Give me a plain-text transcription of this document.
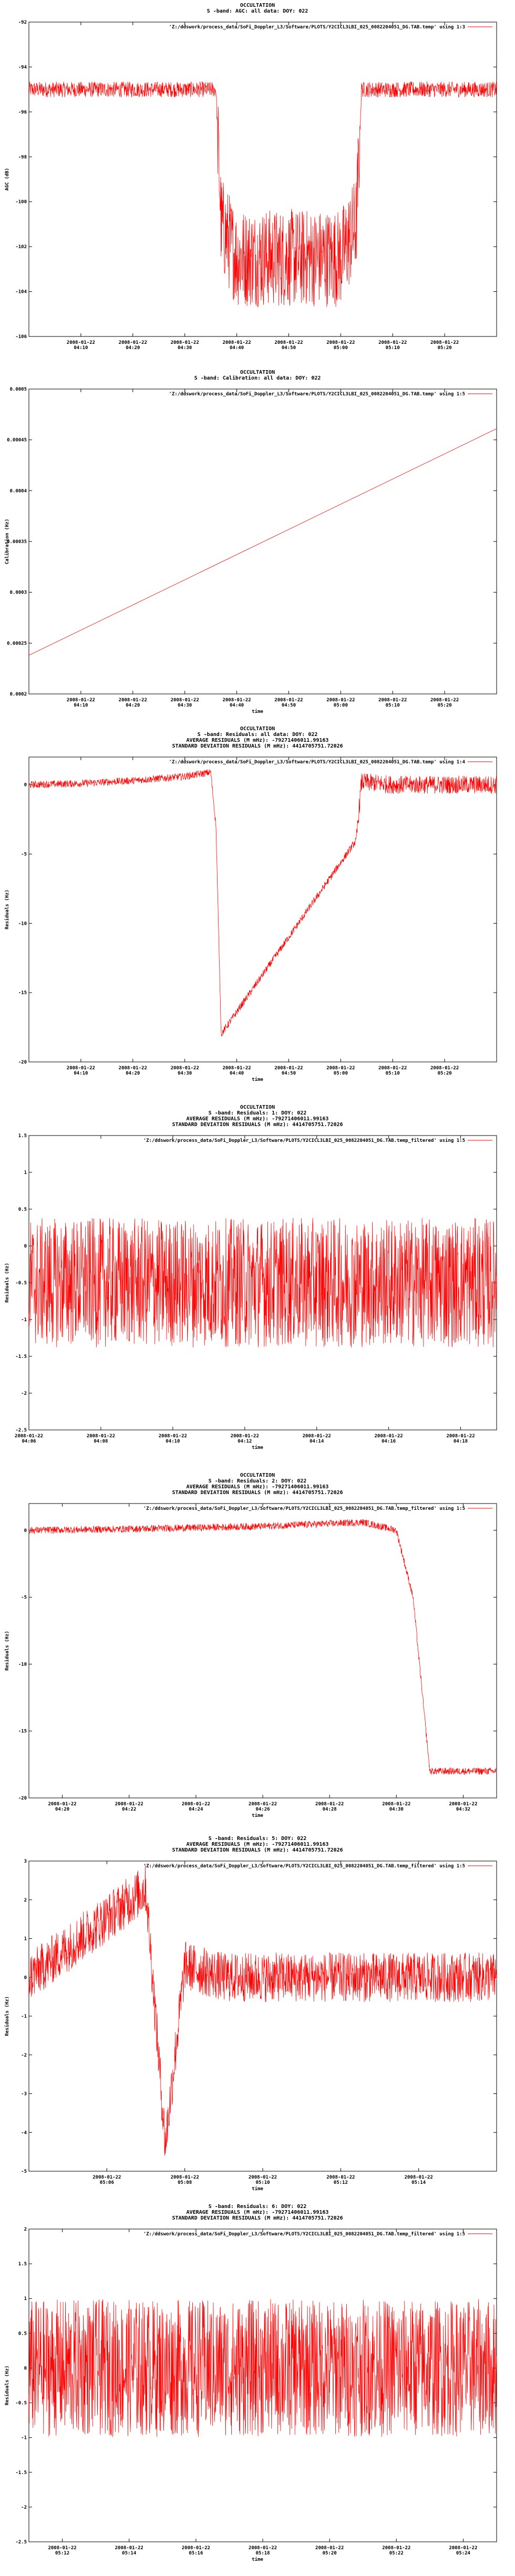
OCCULTATION
S -band: AGC: all data: DOY: 022
'Z:/ddswork/process_data/SoFi_Doppler_L3/Software/PLOTS/Y2CICL3LBI_025_0082204051_DG.TAB.temp' using 1:3
-92
-94
-96
-98
-100
-102
-104
-106
2008-01-22
04:10
2008-01-22
04:20
2008-01-22
04:30
2008-01-22
04:40
2008-01-22
04:50
2008-01-22
05:00
2008-01-22
05:10
2008-01-22
05:20
AGC (dB)
OCCULTATION
S -band: Calibration: all data: DOY: 022
'Z:/ddswork/process_data/SoFi_Doppler_L3/Software/PLOTS/Y2CICL3LBI_025_0082204051_DG.TAB.temp' using 1:5
0.0005
0.00045
0.0004
0.00035
0.0003
0.00025
0.0002
2008-01-22
04:10
2008-01-22
04:20
2008-01-22
04:30
2008-01-22
04:40
2008-01-22
04:50
2008-01-22
05:00
2008-01-22
05:10
2008-01-22
05:20
time
Calibration (Hz)
OCCULTATION
S -band: Residuals: all data: DOY: 022
AVERAGE RESIDUALS (M mHz): -79271406011.99163
STANDARD DEVIATION RESIDUALS (M mHz): 4414705751.72026
'Z:/ddswork/process_data/SoFi_Doppler_L3/Software/PLOTS/Y2CICL3LBI_025_0082204051_DG.TAB.temp' using 1:4
0
-5
-10
-15
-20
2008-01-22
04:10
2008-01-22
04:20
2008-01-22
04:30
2008-01-22
04:40
2008-01-22
04:50
2008-01-22
05:00
2008-01-22
05:10
2008-01-22
05:20
time
Residuals (Hz)
OCCULTATION
S -band: Residuals: 1: DOY: 022
AVERAGE RESIDUALS (M mHz): -79271406011.99163
STANDARD DEVIATION RESIDUALS (M mHz): 4414705751.72026
'Z:/ddswork/process_data/SoFi_Doppler_L3/Software/PLOTS/Y2CICL3LBI_025_0082204051_DG.TAB.temp_filtered' using 1:5
1.5
1
0.5
0
-0.5
-1
-1.5
-2
-2.5
2008-01-22
04:06
2008-01-22
04:08
2008-01-22
04:10
2008-01-22
04:12
2008-01-22
04:14
2008-01-22
04:16
2008-01-22
04:18
time
Residuals (Hz)
OCCULTATION
S -band: Residuals: 2: DOY: 022
AVERAGE RESIDUALS (M mHz): -79271406011.99163
STANDARD DEVIATION RESIDUALS (M mHz): 4414705751.72026
'Z:/ddswork/process_data/SoFi_Doppler_L3/Software/PLOTS/Y2CICL3LBI_025_0082204051_DG.TAB.temp_filtered' using 1:5
0
-5
-10
-15
-20
2008-01-22
04:20
2008-01-22
04:22
2008-01-22
04:24
2008-01-22
04:26
2008-01-22
04:28
2008-01-22
04:30
2008-01-22
04:32
time
Residuals (Hz)
S -band: Residuals: 5: DOY: 022
AVERAGE RESIDUALS (M mHz): -79271406011.99163
STANDARD DEVIATION RESIDUALS (M mHz): 4414705751.72026
'Z:/ddswork/process_data/SoFi_Doppler_L3/Software/PLOTS/Y2CICL3LBI_025_0082204051_DG.TAB.temp_filtered' using 1:5
3
2
1
0
-1
-2
-3
-4
-5
2008-01-22
05:06
2008-01-22
05:08
2008-01-22
05:10
2008-01-22
05:12
2008-01-22
05:14
time
Residuals (Hz)
S -band: Residuals: 6: DOY: 022
AVERAGE RESIDUALS (M mHz): -79271406011.99163
STANDARD DEVIATION RESIDUALS (M mHz): 4414705751.72026
'Z:/ddswork/process_data/SoFi_Doppler_L3/Software/PLOTS/Y2CICL3LBI_025_0082204051_DG.TAB.temp_filtered' using 1:5
2
1.5
1
0.5
0
-0.5
-1
-1.5
-2
-2.5
2008-01-22
05:12
2008-01-22
05:14
2008-01-22
05:16
2008-01-22
05:18
2008-01-22
05:20
2008-01-22
05:22
2008-01-22
05:24
time
Residuals (Hz)
